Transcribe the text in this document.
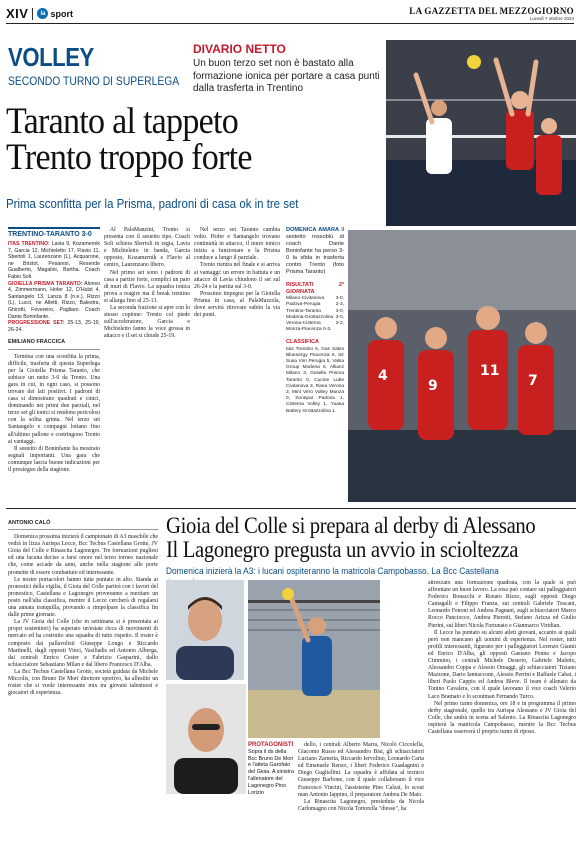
XIV	la sport	LA GAZZETTA DEL MEZZOGIORNO
Lunedì 7 ottobre 2024
VOLLEY
SECONDO TURNO DI SUPERLEGA
DIVARIO NETTO
Un buon terzo set non è bastato alla formazione ionica per portare a casa punti dalla trasferta in Trentino
Taranto al tappeto
Trento troppo forte
Prima sconfitta per la Prisma, padroni di casa ok in tre set
TRENTINO-TARANTO 3-0
ITAS TRENTINO: Lavia 9, Kozamernik 7, Garcia 12, Michieletto 17, Flavio 11, Sbertoli 1, Laurenzano (L), Acquarone, ne Bristot, Pesaresi, Resende Gualberto, Magalini, Bartha. Coach Fabio Soli.
GIOIELLA PRISMA TARANTO: Alonso 4, Zimmermann, Hofer 12, D'Hulst 4, Santangelo 13, Lanza 8 (n.e.), Rizzo (L), Lucci, ne Alletti, Rizzo, Balestra, Ghirotti, Fevereiro, Pagliaro. Coach Dante Boninfante.
PROGRESSIONE SET: 25-13, 25-19, 26-24.
EMILIANO FRACCICA

Termina con una sconfitta la prima, difficile, trasferta di questa Superlega per la Gioiella Prisma Taranto, che subisce un netto 3-0 da Trento. Una gara in cui, in ogni caso, si possono trovare dei lati positivi. I padroni di casa si dimostrano quadrati e cinici, dominando nei primi due parziali, nel terzo set gli ionici si rendono pericolosi con la solita grinta. Nel terzo set Santangelo e compagni lottano fino all'ultimo pallone e costringono Trento ai vantaggi.

Il sestetto di Boninfante ha mostrato segnali importanti. Una gara che comunque lascia buone indicazioni per il prosieguo della stagione.

Al PalaManzini, Trento si presenta con il sestetto tipo. Coach Soli schiera Sbertoli in regia, Lavia e Michieletto in banda, Garcia opposto, Kozamernik e Flavio al centro, Laurenzano libero.

Nel primo set sono i padroni di casa a partire forte, complici un paio di muri di Flavio. La squadra ionica prova a reagire ma il break trentino si allarga fino al 25-13.

La seconda frazione si apre con lo stesso copione: Trento col piede sull'acceleratore, Garcia e Michieletto fanno la voce grossa in attacco e il set si chiude 25-19.

Nel terzo set Taranto cambia volto. Hofer e Santangelo trovano continuità in attacco, il muro ionico inizia a funzionare e la Prisma conduce a lungo il parziale.

Trento rientra nel finale e si arriva ai vantaggi: un errore in battuta e un attacco di Lavia chiudono il set sul 26-24 e la partita sul 3-0.

Prossimo impegno per la Gioiella Prisma in casa, al PalaMazzola, dove servirà ritrovare subito la via dei punti.

DOMENICA AMARA Il sestetto rossoblù di coach Dante Boninfante ha perso 3-0 la sfida in trasferta contro Trento (foto Prisma Taranto)
RISULTATI 2ª GIORNATA
Milano-Civitanova 3-0, Padova-Perugia 2-3, Trentino-Taranto 3-0, Modena-Grottazzolina 3-0, Verona-Cisterna 3-2, Monza-Piacenza 0-3.
CLASSIFICA
Itas Trentino 6, Gas Sales Bluenergy Piacenza 6, Sir Susa Vim Perugia 5, Valsa Group Modena 6, Allianz Milano 3, Gioiella Prisma Taranto 0, Cucine Lube Civitanova 3, Rana Verona 3, Mint Vero Volley Monza 0, Sonepar Padova 1, Cisterna Volley 1, Yuasa Battery Grottazzolina 1.
4
9
11
7
Gioia del Colle si prepara al derby di Alessano
Il Lagonegro pregusta un avvio in scioltezza
Domenica inizierà la A3: i lucani ospiteranno la matricola Campobasso. La Bcc Castellana
ANTONIO CALÒ

Domenica prossima inizierà il campionato di A3 maschile che vedrà in lizza Aurispa Lecce, Bcc Tecbus Castellana Grotte, JV Gioia del Colle e Rinascita Lagonegro. Tre formazioni pugliesi ed una lucana decise a farsi onore nel terzo torneo nazionale che, come accade da anni, anche nella stagione alle porte promette di essere combattuto ed interessante.

Le nostre portacolori hanno tutte puntato in alto. Standa ai pronostici della vigilia, il Gioia del Colle partirà con i favori del pronostico, Castellana e Lagonegro proveranno a meritare un posto nell'alta classifica, mentre il Lecce cercherà di regalarsi una annata tranquilla, provando a rimpolpare la classifica fin dalle prime giornate.

La JV Gioia del Colle (che in settimana si è presentata ai propri sostenitori) ha superato un'estate ricca di movimenti di mercato ed ha costruito una squadra di tutto rispetto. Il roster è composto dai pallavolisti Giuseppe Longo e Riccardo Martinelli, dagli opposti Vinci, Vasiliadis ed Antonio Alberga, dai centrali Enrico Cester e Fabrizio Gasparini, dallo schiacciatore Sebastiano Milan e dal libero Francesco D'Alba.

La Bcc Tecbus Castellana Grotte, società guidata da Michele Miccolis, con Bruno De Mori direttore sportivo, ha allestito un roster che si vuole interessante mix tra giovani talentuosi e giocatori di esperienza.

PROTAGONISTI
Sopra il ds della Bcc Bruno De Mori e l'atleta Garofalo del Gioia. A sinistra l'allenatore del Lagonegro Pino Lorizio

dello, i centrali Alberto Marra, Nicolò Ciccolella, Giacomo Russo ed Alessandro Bisi, gli schiacciatori Luciano Zarnetta, Riccardo Iervolino, Leonardo Carta ed Emanuele Renzo, i liberi Federico Guadagnini e Diego Gugliellmi. La squadra è affidata al tecnico Giuseppe Barbone, con il quale collaborano il vice Francesco Vincini, l'assistente Pino Calzai, lo scout man Antonio Iappino, il preparatore Andrea De Maio.

La Rinascita Lagonegro, presieduta da Nicola Carlomagno con Nicola Tortorella "diesse", ha

attrezzato una formazione quadrata, con la quale si può affrontare un buon lavoro. La rosa può contare sui palleggiatori Federico Bonacchi e Renato Rizzo, sugli opposti Diego Cantagalli e Filippo Franza, sui centrali Gabriele Toscani, Leonardo Fenoni ed Andrea Pagnani, sugli schiacciatori Marco Rocco Panciocco, Andrea Pierotti, Stefano Arizza ed Giulio Pierini, sui liberi Nicola Fortunato e Gianmarco Viridian.

Il Lecce ha puntato su alcuni atleti giovani, accanto ai quali però non mancano gli uomini di esperienza. Nel roster, tutti profili interessanti, figurano per i palleggiatori Lorenzo Gianni ed Enrico D'Alba, gli opposti Gaetano Penna e Jacopo Cimmino, i centrali Michele Deserio, Gabriele Maletto, Alessandro Coppa e Alessio Omaggi, gli schiacciatori Tiziano Mazzone, Dario Iannaccone, Alessio Perrini e Raffaele Cabai, i liberi Paolo Cappio ed Andrea Bleve. Il team è allenato da Tonino Cavalera, con il quale lavorano il vice coach Valerio Laco Bramato e lo scoutman Fernando Turco.

Nel primo turno domenica, ore 18 e in programma il primo derby stagionale, quello tra Aurispa Alessano e JV Gioia del Colle, che andrà in scena ad Salento. La Rinascita Lagonegro ospiterà la matricola Campobasso, mentre la Bcc Tecbus Castellana osserverà il proprio turno di riposo.
